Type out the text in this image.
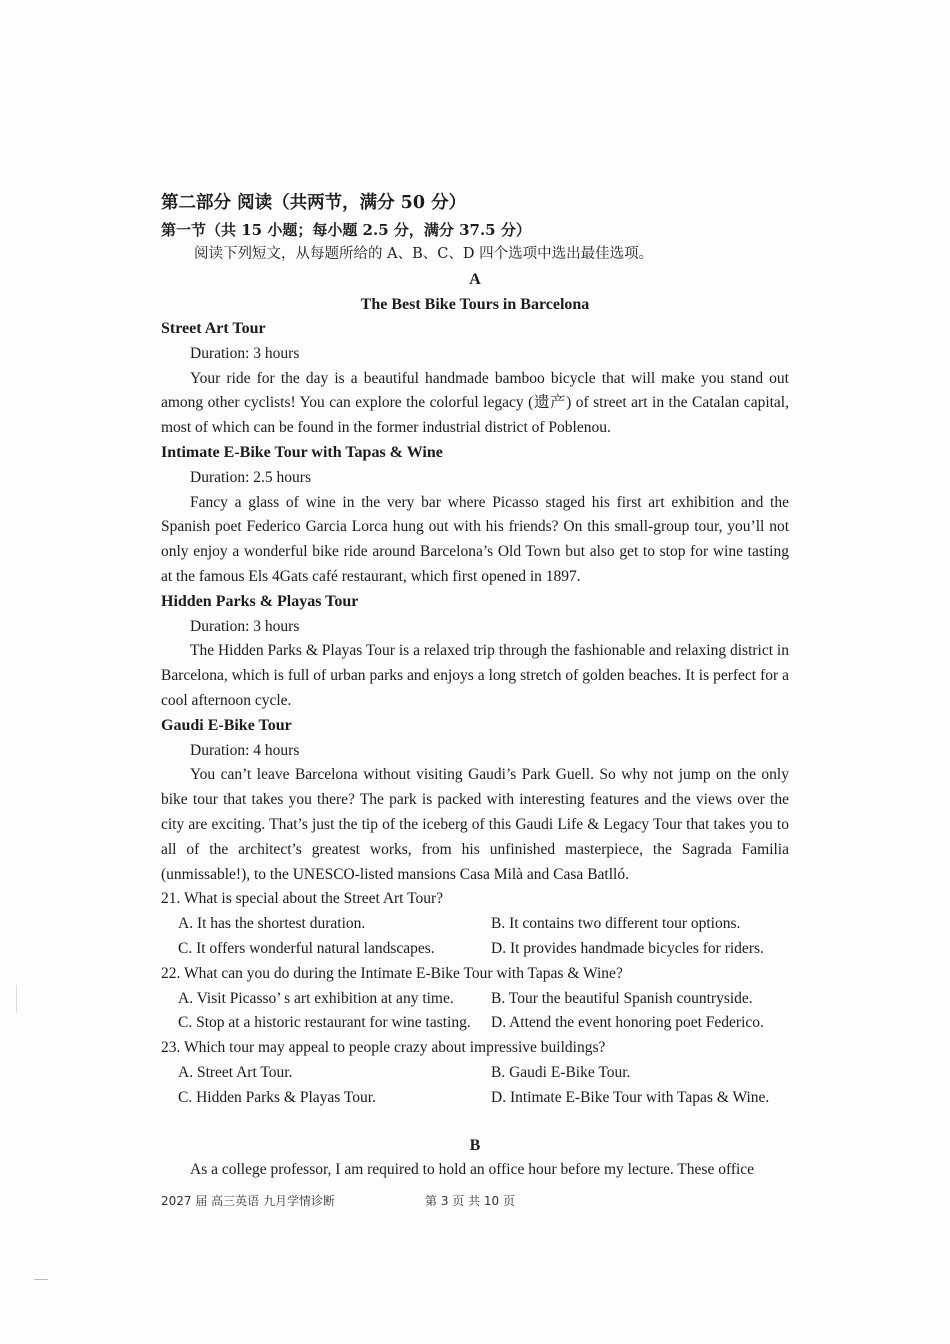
第二部分 阅读（共两节，满分 50 分）

第一节（共 15 小题；每小题 2.5 分，满分 37.5 分）

阅读下列短文，从每题所给的 A、B、C、D 四个选项中选出最佳选项。

A

The Best Bike Tours in Barcelona

Street Art Tour

Duration: 3 hours

Your ride for the day is a beautiful handmade bamboo bicycle that will make you stand out among other cyclists! You can explore the colorful legacy (遗产) of street art in the Catalan capital, most of which can be found in the former industrial district of Poblenou.

Intimate E-Bike Tour with Tapas & Wine

Duration: 2.5 hours

Fancy a glass of wine in the very bar where Picasso staged his first art exhibition and the Spanish poet Federico Garcia Lorca hung out with his friends? On this small-group tour, you’ll not only enjoy a wonderful bike ride around Barcelona’s Old Town but also get to stop for wine tasting at the famous Els 4Gats café restaurant, which first opened in 1897.

Hidden Parks & Playas Tour

Duration: 3 hours

The Hidden Parks & Playas Tour is a relaxed trip through the fashionable and relaxing district in Barcelona, which is full of urban parks and enjoys a long stretch of golden beaches. It is perfect for a cool afternoon cycle.

Gaudi E-Bike Tour

Duration: 4 hours

You can’t leave Barcelona without visiting Gaudi’s Park Guell. So why not jump on the only bike tour that takes you there? The park is packed with interesting features and the views over the city are exciting. That’s just the tip of the iceberg of this Gaudi Life & Legacy Tour that takes you to all of the architect’s greatest works, from his unfinished masterpiece, the Sagrada Familia (unmissable!), to the UNESCO-listed mansions Casa Milà and Casa Batlló.

21. What is special about the Street Art Tour?

A. It has the shortest duration.	B. It contains two different tour options.
C. It offers wonderful natural landscapes.	D. It provides handmade bicycles for riders.

22. What can you do during the Intimate E-Bike Tour with Tapas & Wine?

A. Visit Picasso’ s art exhibition at any time.	B. Tour the beautiful Spanish countryside.
C. Stop at a historic restaurant for wine tasting.	D. Attend the event honoring poet Federico.

23. Which tour may appeal to people crazy about impressive buildings?

A. Street Art Tour.	B. Gaudi E-Bike Tour.
C. Hidden Parks & Playas Tour.	D. Intimate E-Bike Tour with Tapas & Wine.

B

As a college professor, I am required to hold an office hour before my lecture. These office

2027 届 高三英语 九月学情诊断	第 3 页 共 10 页
